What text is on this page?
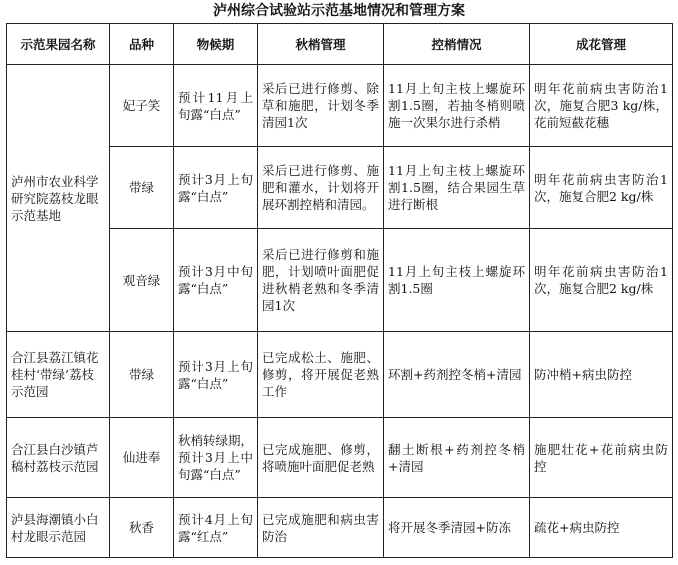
泸州综合试验站示范基地情况和管理方案
示范果园名称	品种	物候期	秋梢管理	控梢情况	成花管理
泸州市农业科学研究院荔枝龙眼示范基地	妃子笑	预计11月上旬露“白点”	采后已进行修剪、除草和施肥，计划冬季清园1次	11月上旬主枝上螺旋环割1.5圈，若抽冬梢则喷施一次果尔进行杀梢	明年花前病虫害防治1次，施复合肥3 kg/株，花前短截花穗
	带绿	预计3月上旬露“白点”	采后已进行修剪、施肥和灌水，计划将开展环割控梢和清园。	11月上旬主枝上螺旋环割1.5圈，结合果园生草进行断根	明年花前病虫害防治1次，施复合肥2 kg/株
	观音绿	预计3月中旬露“白点”	采后已进行修剪和施肥，计划喷叶面肥促进秋梢老熟和冬季清园1次	11月上旬主枝上螺旋环割1.5圈	明年花前病虫害防治1次，施复合肥2 kg/株
合江县荔江镇花桂村‘带绿’荔枝示范园	带绿	预计3月上旬露“白点”	已完成松土、施肥、修剪，将开展促老熟工作	环割+药剂控冬梢+清园	防冲梢+病虫防控
合江县白沙镇芦稿村荔枝示范园	仙进奉	秋梢转绿期，预计3月上中旬露“白点”	已完成施肥、修剪，将喷施叶面肥促老熟	翻土断根+药剂控冬梢+清园	施肥壮花+花前病虫防控
泸县海潮镇小白村龙眼示范园	秋香	预计4月上旬露“红点”	已完成施肥和病虫害防治	将开展冬季清园+防冻	疏花+病虫防控
